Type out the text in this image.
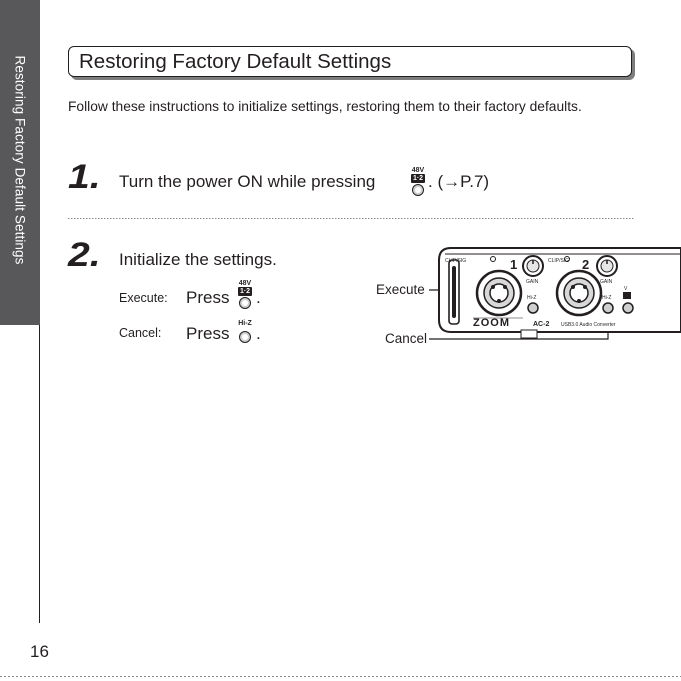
Restoring Factory Default Settings
16
Restoring Factory Default Settings
Follow these instructions to initialize settings, restoring them to their factory defaults.
1. Turn the power ON while pressing
48V
1·2 . (→P.7)
2. Initialize the settings.
Execute: Press
48V
1·2 .
Cancel: Press
Hi-Z
.
Execute
Cancel
CLIP/SIG	1	CLIP/SIG 2
GAIN	GAIN
Hi-Z	Hi-Z
V
ZOOM	AC-2 USB3.0 Audio Converter
